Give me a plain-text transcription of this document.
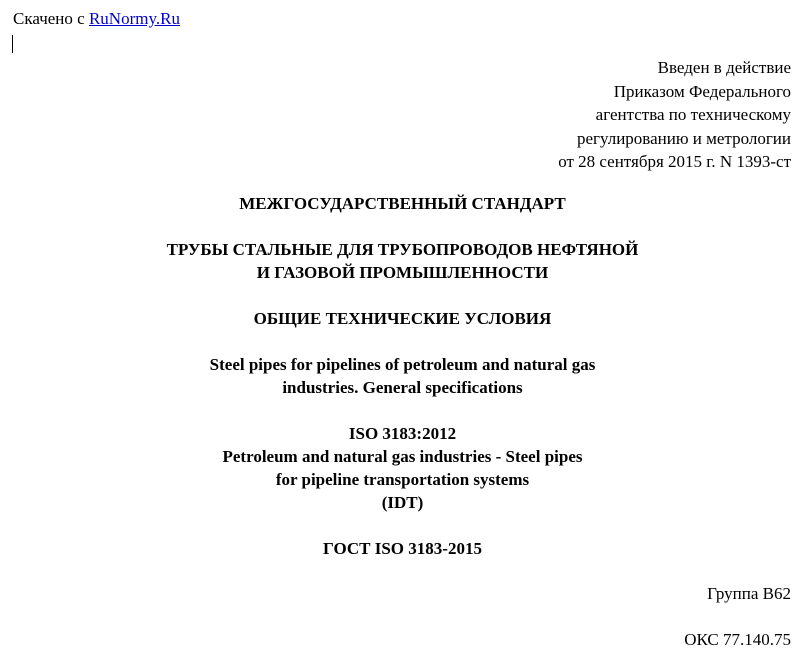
Скачено с RuNormy.Ru
Введен в действие
Приказом Федерального
агентства по техническому
регулированию и метрологии
от 28 сентября 2015 г. N 1393-ст
МЕЖГОСУДАРСТВЕННЫЙ СТАНДАРТ
ТРУБЫ СТАЛЬНЫЕ ДЛЯ ТРУБОПРОВОДОВ НЕФТЯНОЙ
И ГАЗОВОЙ ПРОМЫШЛЕННОСТИ
ОБЩИЕ ТЕХНИЧЕСКИЕ УСЛОВИЯ
Steel pipes for pipelines of petroleum and natural gas
industries. General specifications
ISO 3183:2012
Petroleum and natural gas industries - Steel pipes
for pipeline transportation systems
(IDT)
ГОСТ ISO 3183-2015
Группа В62
ОКС 77.140.75
